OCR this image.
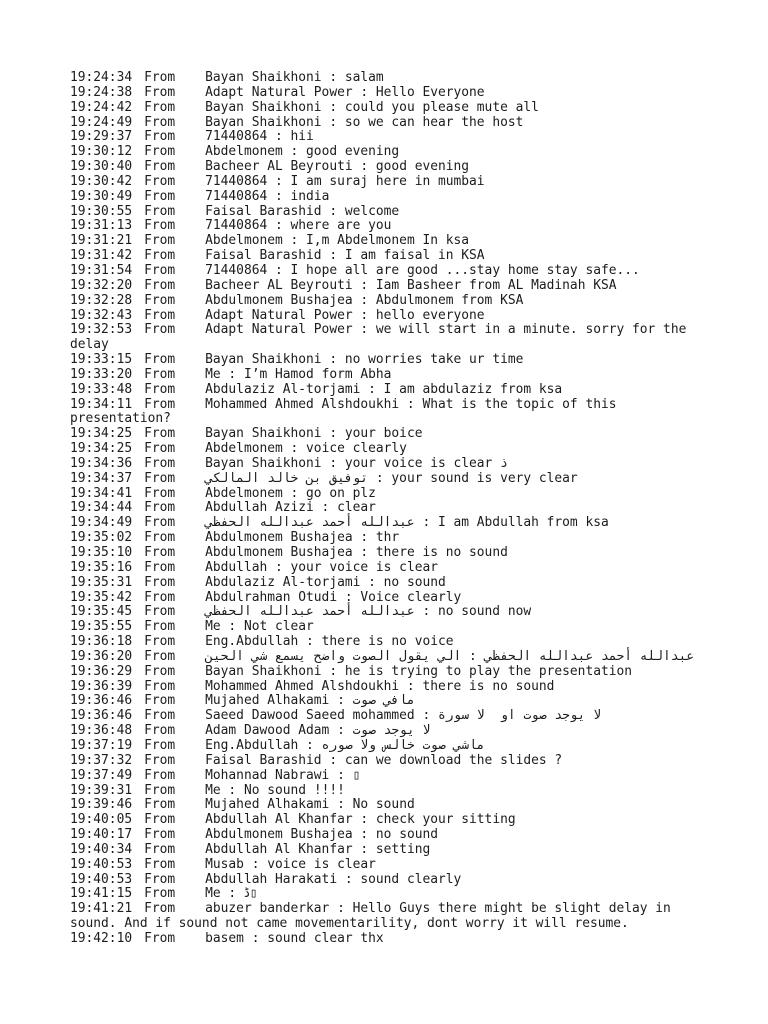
19:24:34 From Bayan Shaikhoni : salam
19:24:38 From Adapt Natural Power : Hello Everyone
19:24:42 From Bayan Shaikhoni : could you please mute all
19:24:49 From Bayan Shaikhoni : so we can hear the host
19:29:37 From 71440864 : hii
19:30:12 From Abdelmonem : good evening
19:30:40 From Bacheer AL Beyrouti : good evening
19:30:42 From 71440864 : I am suraj here in mumbai
19:30:49 From 71440864 : india
19:30:55 From Faisal Barashid : welcome
19:31:13 From 71440864 : where are you
19:31:21 From Abdelmonem : I,m Abdelmonem In ksa
19:31:42 From Faisal Barashid : I am faisal in KSA
19:31:54 From 71440864 : I hope all are good ...stay home stay safe...
19:32:20 From Bacheer AL Beyrouti : Iam Basheer from AL Madinah KSA
19:32:28 From Abdulmonem Bushajea : Abdulmonem from KSA
19:32:43 From Adapt Natural Power : hello everyone
19:32:53 From Adapt Natural Power : we will start in a minute. sorry for the delay
19:33:15 From Bayan Shaikhoni : no worries take ur time
19:33:20 From Me : I’m Hamod form Abha
19:33:48 From Abdulaziz Al-torjami : I am abdulaziz from ksa
19:34:11 From Mohammed Ahmed Alshdoukhi : What is the topic of this presentation?
19:34:25 From Bayan Shaikhoni : your boice
19:34:25 From Abdelmonem : voice clearly
19:34:36 From Bayan Shaikhoni : your voice is clear ذ
19:34:37 From توفيق بن خالد المالكي : your sound is very clear
19:34:41 From Abdelmonem : go on plz
19:34:44 From Abdullah Azizi : clear
19:34:49 From عبدالله أحمد عبدالله الحفظي : I am Abdullah from ksa
19:35:02 From Abdulmonem Bushajea : thr
19:35:10 From Abdulmonem Bushajea : there is no sound
19:35:16 From Abdullah : your voice is clear
19:35:31 From Abdulaziz Al-torjami : no sound
19:35:42 From Abdulrahman Otudi : Voice clearly
19:35:45 From عبدالله أحمد عبدالله الحفظي : no sound now
19:35:55 From Me : Not clear
19:36:18 From Eng.Abdullah : there is no voice
19:36:20 From	عبدالله أحمد عبدالله الحفظي : الي يقول الصوت واضح يسمع شي الحين
19:36:29 From Bayan Shaikhoni : he is trying to play the presentation
19:36:39 From Mohammed Ahmed Alshdoukhi : there is no sound
19:36:46 From Mujahed Alhakami : مافي صوت
19:36:46 From Saeed Dawood Saeed mohammed : لا يوجد صوت او  لا سورة
19:36:48 From Adam Dawood Adam : لا يوجد صوت
19:37:19 From Eng.Abdullah : ماشي صوت خالس ولا صوره
19:37:32 From Faisal Barashid : can we download the slides ?
19:37:49 From Mohannad Nabrawi : ▯
19:39:31 From Me : No sound !!!!
19:39:46 From Mujahed Alhakami : No sound
19:40:05 From Abdullah Al Khanfar : check your sitting
19:40:17 From Abdulmonem Bushajea : no sound
19:40:34 From Abdullah Al Khanfar : setting
19:40:53 From Musab : voice is clear
19:40:53 From Abdullah Harakati : sound clearly
19:41:15 From Me : ڈ▯
19:41:21 From abuzer banderkar : Hello Guys there might be slight delay in sound. And if sound not came movementarility, dont worry it will resume.
19:42:10 From basem : sound clear thx
